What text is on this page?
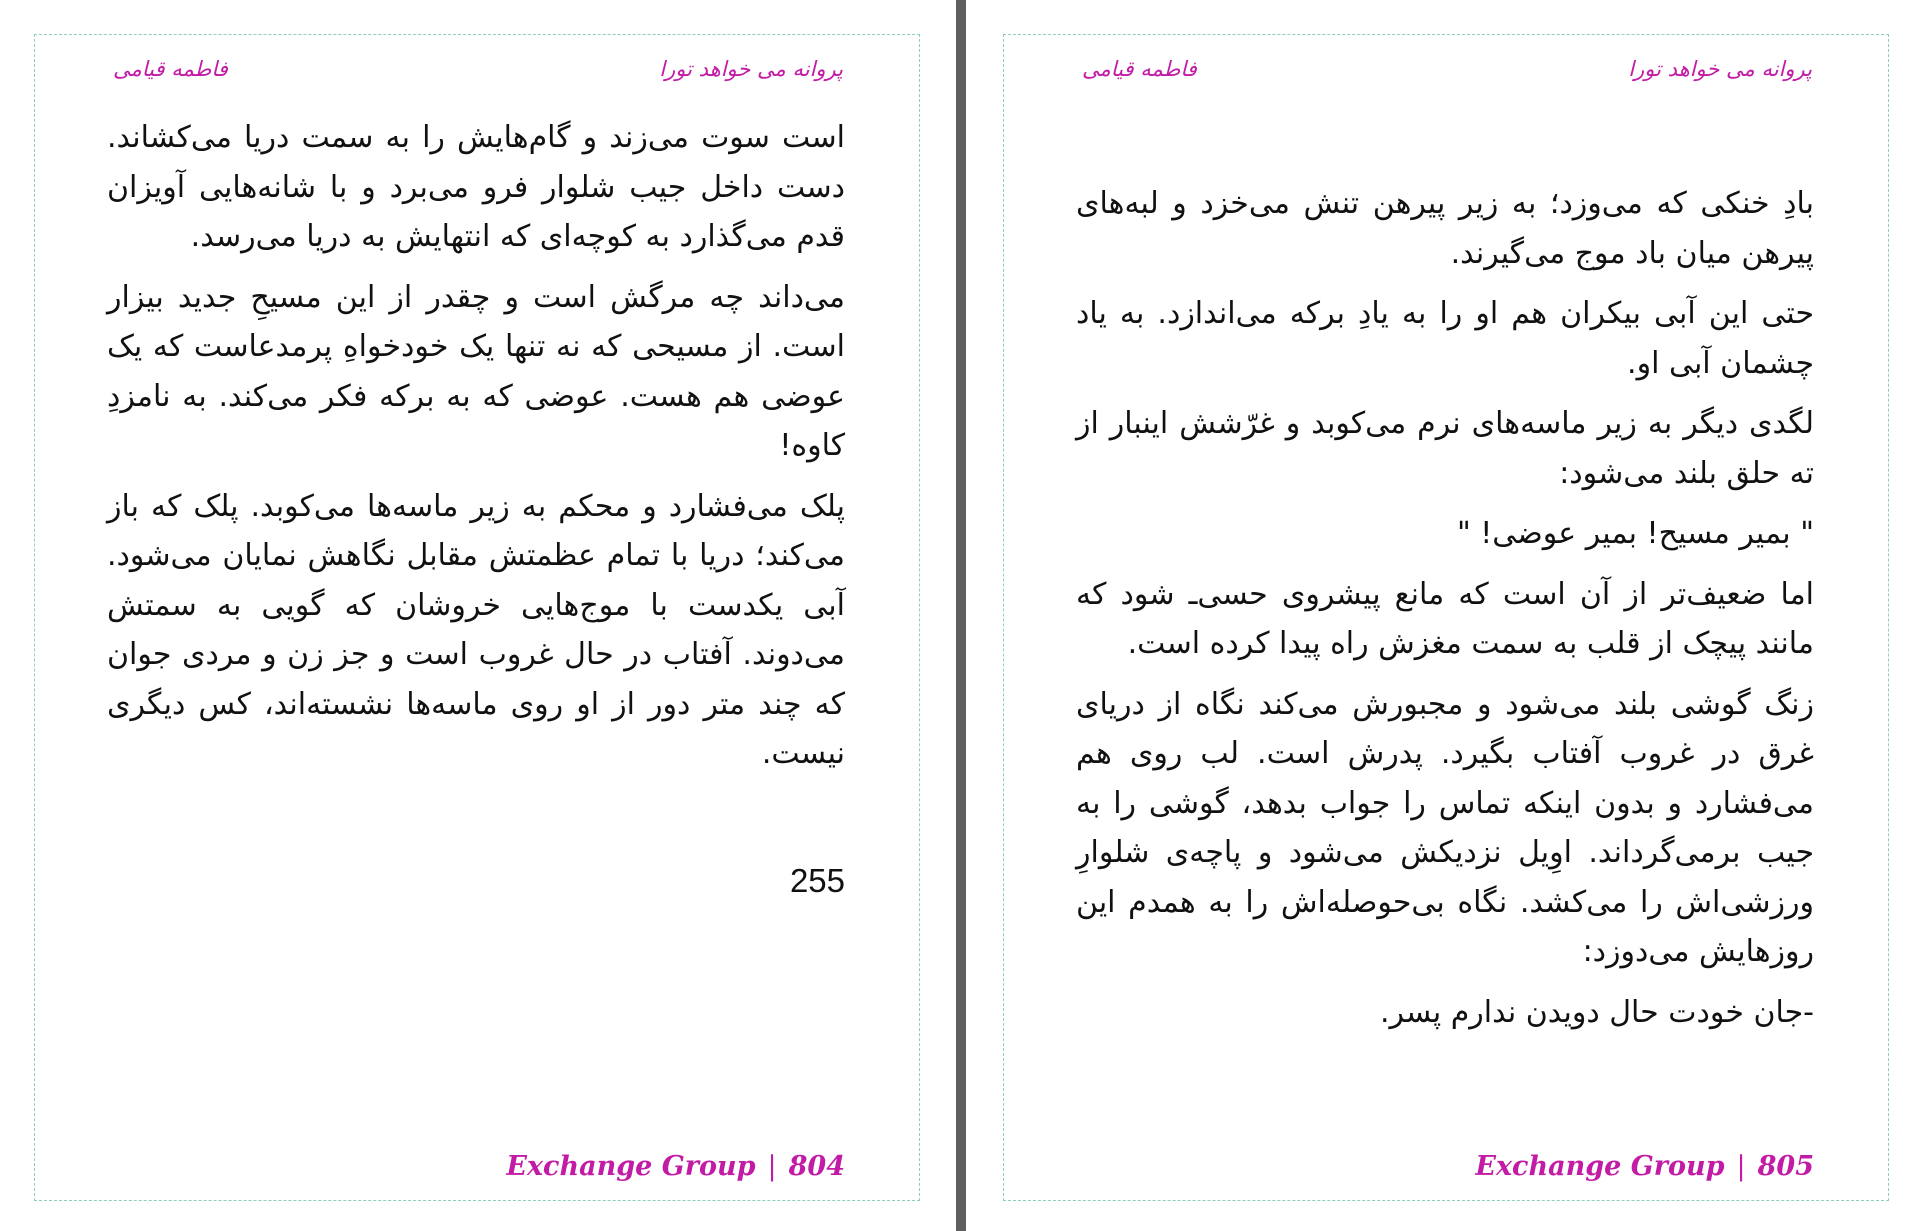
پروانه می خواهد تورا
فاطمه قیامی

است سوت می‌زند و گام‌هایش را به سمت دریا می‌کشاند. دست داخل جیب شلوار فرو می‌برد و با شانه‌هایی آویزان قدم می‌گذارد به کوچه‌ای که انتهایش به دریا می‌رسد.

می‌داند چه مرگش است و چقدر از این مسیحِ جدید بیزار است. از مسیحی که نه تنها یک خودخواهِ پرمدعاست که یک عوضی هم هست. عوضی که به برکه فکر می‌کند. به نامزدِ کاوه!

پلک می‌فشارد و محکم به زیر ماسه‌ها می‌کوبد. پلک که باز می‌کند؛ دریا با تمام عظمتش مقابل نگاهش نمایان می‌شود. آبی یکدست با موج‌هایی خروشان که گویی به سمتش می‌دوند. آفتاب در حال غروب است و جز زن و مردی جوان که چند متر دور از او روی ماسه‌ها نشسته‌اند، کس دیگری نیست.

255
Exchange Group | 804
پروانه می خواهد تورا
فاطمه قیامی

بادِ خنکی که می‌وزد؛ به زیر پیرهن تنش می‌خزد و لبه‌های پیرهن میان باد موج می‌گیرند.

حتی این آبی بیکران هم او را به یادِ برکه می‌اندازد. به یاد چشمان آبی او.

لگدی دیگر به زیر ماسه‌های نرم می‌کوبد و غرّشش اینبار از ته حلق بلند می‌شود:

" بمیر مسیح! بمیر عوضی! "

اما ضعیف‌تر از آن است که مانع پیشروی حسی‌ـ شود که مانند پیچک از قلب به سمت مغزش راه پیدا کرده است.

زنگ گوشی بلند می‌شود و مجبورش می‌کند نگاه از دریای غرق در غروب آفتاب بگیرد. پدرش است. لب روی هم می‌فشارد و بدون اینکه تماس را جواب بدهد، گوشی را به جیب برمی‌گرداند. اوِیل نزدیکش می‌شود و پاچه‌ی شلوارِ ورزشی‌اش را می‌کشد. نگاه بی‌حوصله‌اش را به همدم این روزهایش می‌دوزد:

-جان خودت حال دویدن ندارم پسر.

Exchange Group | 805
